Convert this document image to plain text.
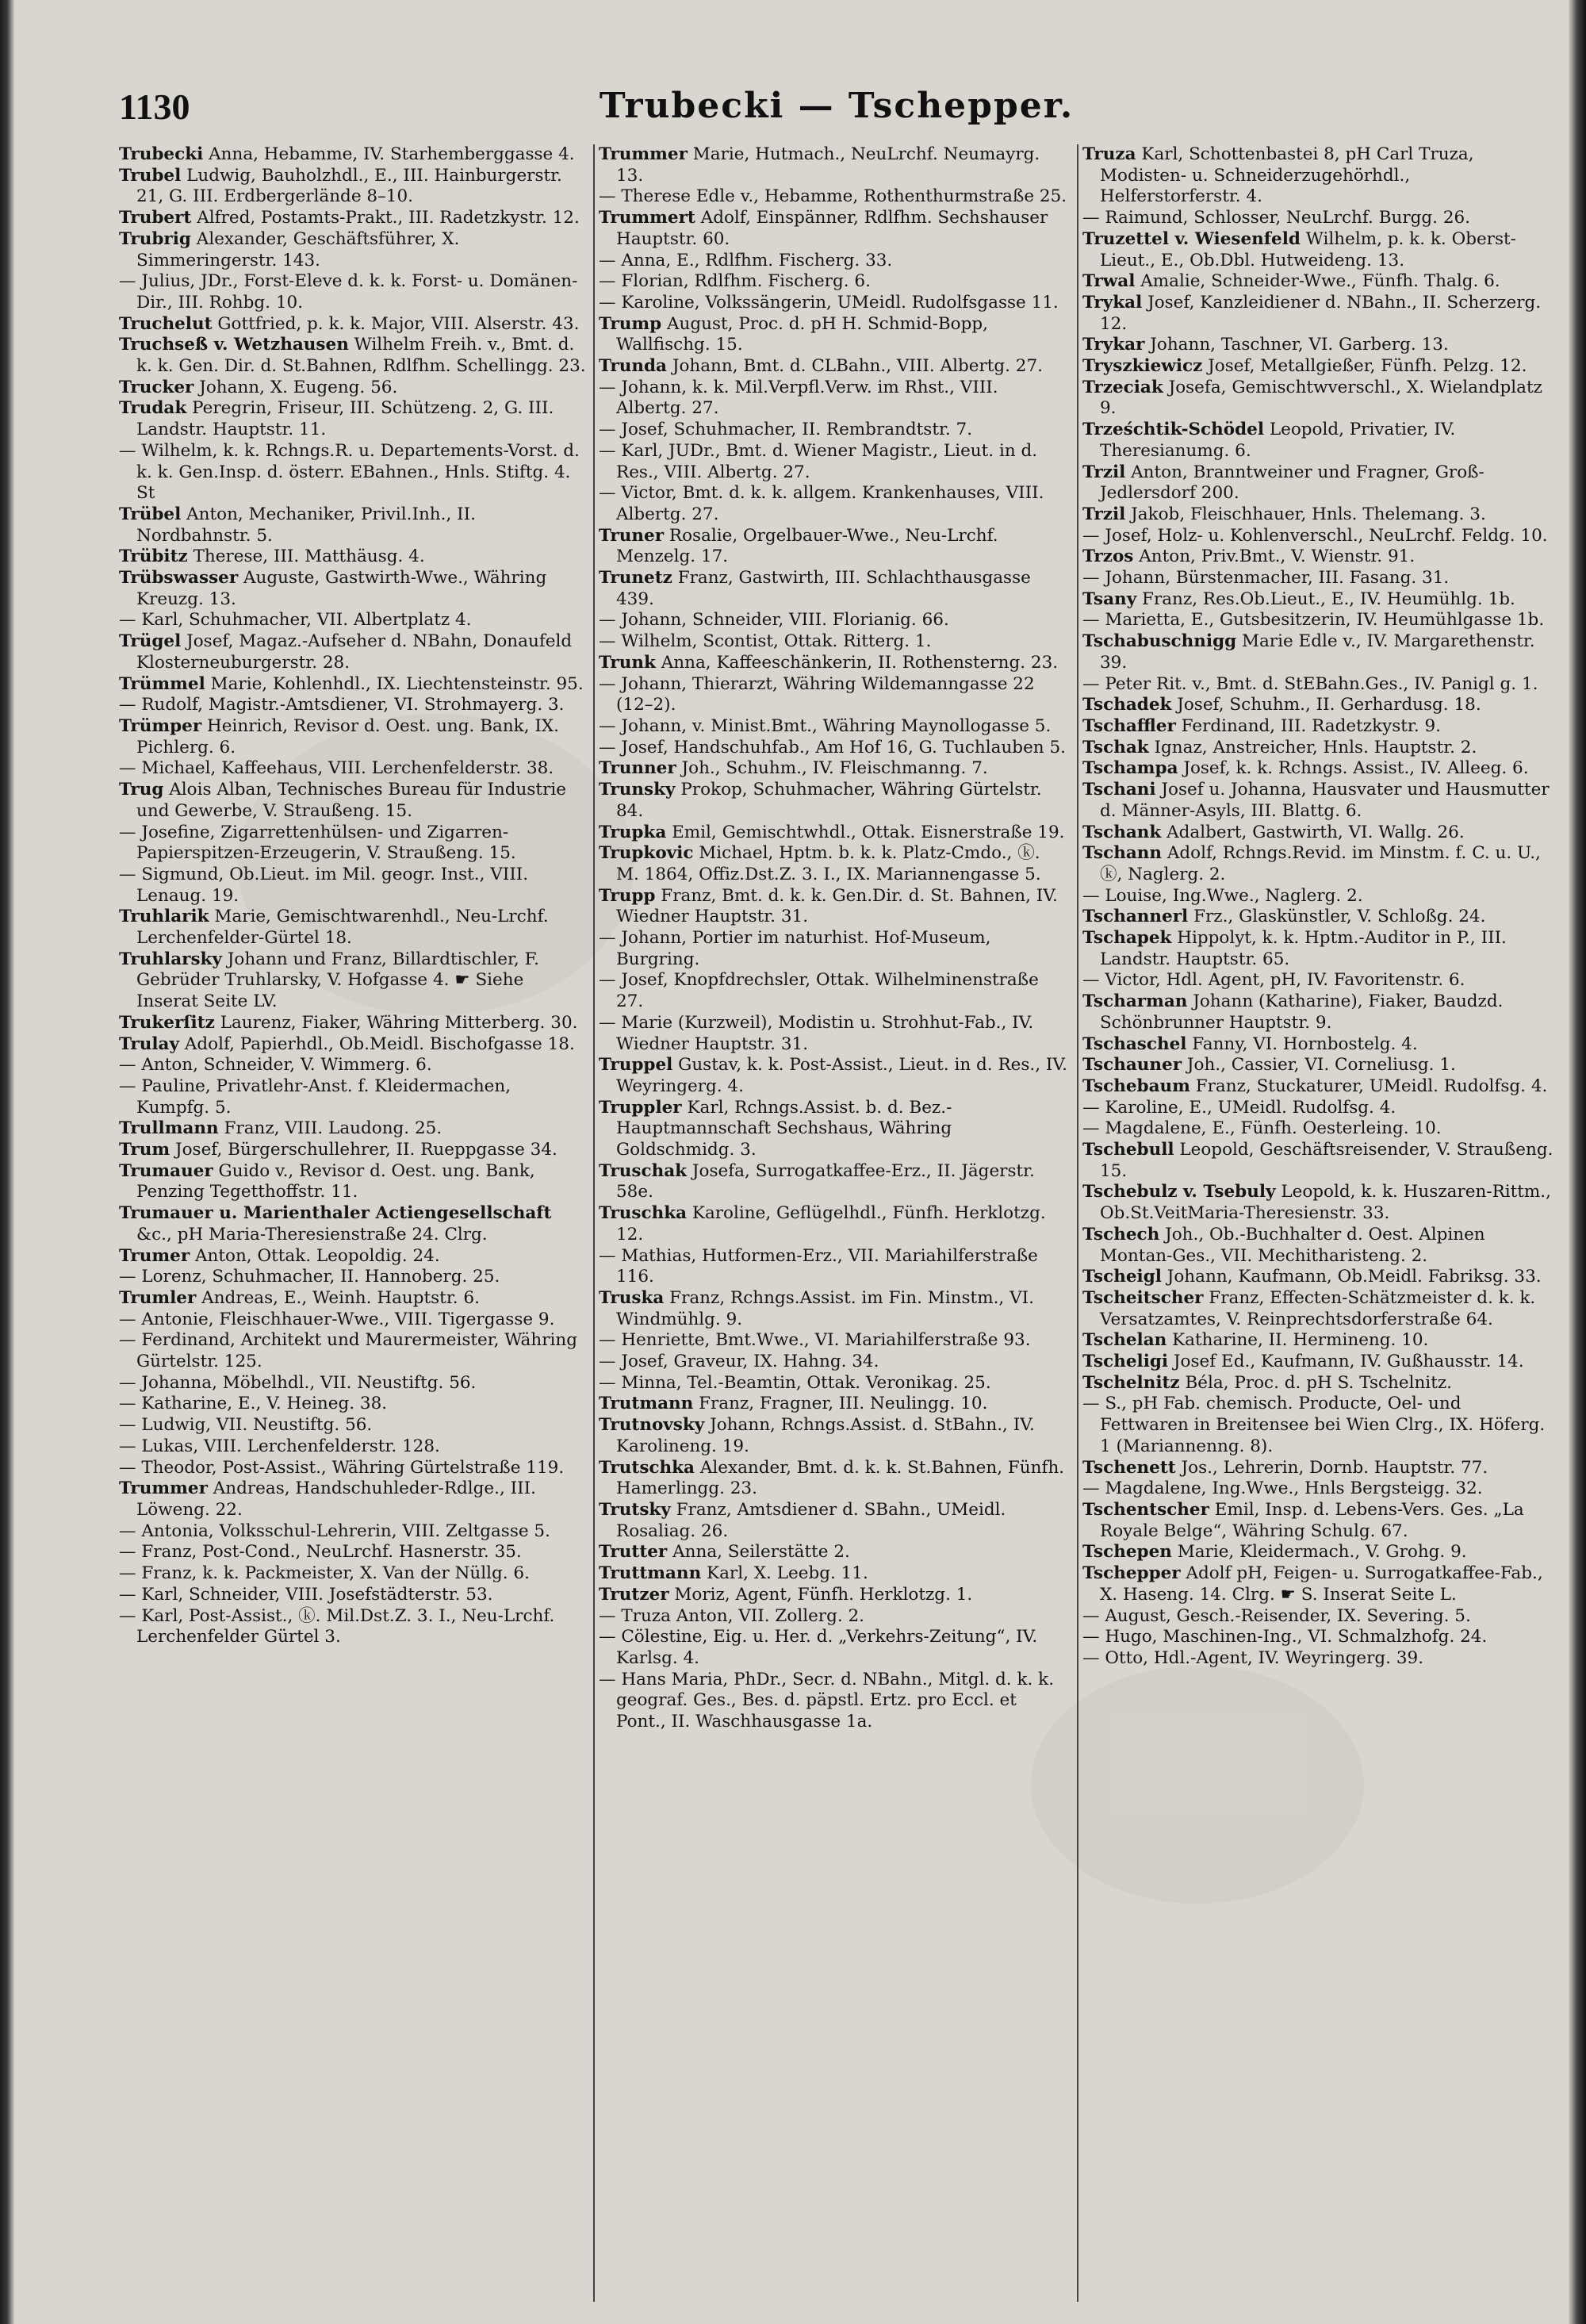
1130	Trubecki — Tschepper.

Trubecki Anna, Hebamme, IV. Starhemberggasse 4.

Trubel Ludwig, Bauholzhdl., E., III. Hainburgerstr. 21, G. III. Erdbergerlände 8–10.

Trubert Alfred, Postamts-Prakt., III. Radetzkystr. 12.

Trubrig Alexander, Geschäftsführer, X. Simmeringerstr. 143.

— Julius, JDr., Forst-Eleve d. k. k. Forst- u. Domänen-Dir., III. Rohbg. 10.

Truchelut Gottfried, p. k. k. Major, VIII. Alserstr. 43.

Truchseß v. Wetzhausen Wilhelm Freih. v., Bmt. d. k. k. Gen. Dir. d. St.Bahnen, Rdlfhm. Schellingg. 23.

Trucker Johann, X. Eugeng. 56.

Trudak Peregrin, Friseur, III. Schützeng. 2, G. III. Landstr. Hauptstr. 11.

— Wilhelm, k. k. Rchngs.R. u. Departements-Vorst. d. k. k. Gen.Insp. d. österr. EBahnen., Hnls. Stiftg. 4. St

Trübel Anton, Mechaniker, Privil.Inh., II. Nordbahnstr. 5.

Trübitz Therese, III. Matthäusg. 4.

Trübswasser Auguste, Gastwirth-Wwe., Währing Kreuzg. 13.

— Karl, Schuhmacher, VII. Albertplatz 4.

Trügel Josef, Magaz.-Aufseher d. NBahn, Donaufeld Klosterneuburgerstr. 28.

Trümmel Marie, Kohlenhdl., IX. Liechtensteinstr. 95.

— Rudolf, Magistr.-Amtsdiener, VI. Strohmayerg. 3.

Trümper Heinrich, Revisor d. Oest. ung. Bank, IX. Pichlerg. 6.

— Michael, Kaffeehaus, VIII. Lerchenfelderstr. 38.

Trug Alois Alban, Technisches Bureau für Industrie und Gewerbe, V. Straußeng. 15.

— Josefine, Zigarrettenhülsen- und Zigarren-Papierspitzen-Erzeugerin, V. Straußeng. 15.

— Sigmund, Ob.Lieut. im Mil. geogr. Inst., VIII. Lenaug. 19.

Truhlarik Marie, Gemischtwarenhdl., Neu-Lrchf. Lerchenfelder-Gürtel 18.

Truhlarsky Johann und Franz, Billardtischler, F. Gebrüder Truhlarsky, V. Hofgasse 4. ☛ Siehe Inserat Seite LV.

Trukerſitz Laurenz, Fiaker, Währing Mitterberg. 30.

Trulay Adolf, Papierhdl., Ob.Meidl. Bischofgasse 18.

— Anton, Schneider, V. Wimmerg. 6.

— Pauline, Privatlehr-Anst. f. Kleidermachen, Kumpfg. 5.

Trullmann Franz, VIII. Laudong. 25.

Trum Josef, Bürgerschullehrer, II. Rueppgasse 34.

Trumauer Guido v., Revisor d. Oest. ung. Bank, Penzing Tegetthoffstr. 11.

Trumauer u. Marienthaler Actiengesellschaft &c., pH Maria-Theresienstraße 24. Clrg.

Trumer Anton, Ottak. Leopoldig. 24.

— Lorenz, Schuhmacher, II. Hannoberg. 25.

Trumler Andreas, E., Weinh. Hauptstr. 6.

— Antonie, Fleischhauer-Wwe., VIII. Tigergasse 9.

— Ferdinand, Architekt und Maurermeister, Währing Gürtelstr. 125.

— Johanna, Möbelhdl., VII. Neustiftg. 56.

— Katharine, E., V. Heineg. 38.

— Ludwig, VII. Neustiftg. 56.

— Lukas, VIII. Lerchenfelderstr. 128.

— Theodor, Post-Assist., Währing Gürtelstraße 119.

Trummer Andreas, Handschuhleder-Rdlge., III. Löweng. 22.

— Antonia, Volksschul-Lehrerin, VIII. Zeltgasse 5.

— Franz, Post-Cond., NeuLrchf. Hasnerstr. 35.

— Franz, k. k. Packmeister, X. Van der Nüllg. 6.

— Karl, Schneider, VIII. Josefstädterstr. 53.

— Karl, Post-Assist., ⓚ. Mil.Dst.Z. 3. I., Neu-Lrchf. Lerchenfelder Gürtel 3.

Trummer Marie, Hutmach., NeuLrchf. Neumayrg. 13.

— Therese Edle v., Hebamme, Rothenthurmstraße 25.

Trummert Adolf, Einspänner, Rdlfhm. Sechshauser Hauptstr. 60.

— Anna, E., Rdlfhm. Fischerg. 33.

— Florian, Rdlfhm. Fischerg. 6.

— Karoline, Volkssängerin, UMeidl. Rudolfsgasse 11.

Trump August, Proc. d. pH H. Schmid-Bopp, Wallfischg. 15.

Trunda Johann, Bmt. d. CLBahn., VIII. Albertg. 27.

— Johann, k. k. Mil.Verpfl.Verw. im Rhst., VIII. Albertg. 27.

— Josef, Schuhmacher, II. Rembrandtstr. 7.

— Karl, JUDr., Bmt. d. Wiener Magistr., Lieut. in d. Res., VIII. Albertg. 27.

— Victor, Bmt. d. k. k. allgem. Krankenhauses, VIII. Albertg. 27.

Truner Rosalie, Orgelbauer-Wwe., Neu-Lrchf. Menzelg. 17.

Trunetz Franz, Gastwirth, III. Schlachthausgasse 439.

— Johann, Schneider, VIII. Florianig. 66.

— Wilhelm, Scontist, Ottak. Ritterg. 1.

Trunk Anna, Kaffeeschänkerin, II. Rothensterng. 23.

— Johann, Thierarzt, Währing Wildemanngasse 22 (12–2).

— Johann, v. Minist.Bmt., Währing Maynollogasse 5.

— Josef, Handschuhfab., Am Hof 16, G. Tuchlauben 5.

Trunner Joh., Schuhm., IV. Fleischmanng. 7.

Trunsky Prokop, Schuhmacher, Währing Gürtelstr. 84.

Trupka Emil, Gemischtwhdl., Ottak. Eisnerstraße 19.

Trupkovic Michael, Hptm. b. k. k. Platz-Cmdo., ⓚ. M. 1864, Offiz.Dst.Z. 3. I., IX. Mariannengasse 5.

Trupp Franz, Bmt. d. k. k. Gen.Dir. d. St. Bahnen, IV. Wiedner Hauptstr. 31.

— Johann, Portier im naturhist. Hof-Museum, Burgring.

— Josef, Knopfdrechsler, Ottak. Wilhelminenstraße 27.

— Marie (Kurzweil), Modistin u. Strohhut-Fab., IV. Wiedner Hauptstr. 31.

Truppel Gustav, k. k. Post-Assist., Lieut. in d. Res., IV. Weyringerg. 4.

Truppler Karl, Rchngs.Assist. b. d. Bez.-Hauptmannschaft Sechshaus, Währing Goldschmidg. 3.

Truschak Josefa, Surrogatkaffee-Erz., II. Jägerstr. 58e.

Truschka Karoline, Geflügelhdl., Fünfh. Herklotzg. 12.

— Mathias, Hutformen-Erz., VII. Mariahilferstraße 116.

Truska Franz, Rchngs.Assist. im Fin. Minstm., VI. Windmühlg. 9.

— Henriette, Bmt.Wwe., VI. Mariahilferstraße 93.

— Josef, Graveur, IX. Hahng. 34.

— Minna, Tel.-Beamtin, Ottak. Veronikag. 25.

Trutmann Franz, Fragner, III. Neulingg. 10.

Trutnovsky Johann, Rchngs.Assist. d. StBahn., IV. Karolineng. 19.

Trutschka Alexander, Bmt. d. k. k. St.Bahnen, Fünfh. Hamerlingg. 23.

Trutsky Franz, Amtsdiener d. SBahn., UMeidl. Rosaliag. 26.

Trutter Anna, Seilerstätte 2.

Truttmann Karl, X. Leebg. 11.

Trutzer Moriz, Agent, Fünfh. Herklotzg. 1.

— Truza Anton, VII. Zollerg. 2.

— Cölestine, Eig. u. Her. d. „Verkehrs-Zeitung“, IV. Karlsg. 4.

— Hans Maria, PhDr., Secr. d. NBahn., Mitgl. d. k. k. geograf. Ges., Bes. d. päpstl. Ertz. pro Eccl. et Pont., II. Waschhausgasse 1a.

Truza Karl, Schottenbastei 8, pH Carl Truza, Modisten- u. Schneiderzugehörhdl., Helferstorferstr. 4.

— Raimund, Schlosser, NeuLrchf. Burgg. 26.

Truzettel v. Wiesenfeld Wilhelm, p. k. k. Oberst-Lieut., E., Ob.Dbl. Hutweideng. 13.

Trwal Amalie, Schneider-Wwe., Fünfh. Thalg. 6.

Trykal Josef, Kanzleidiener d. NBahn., II. Scherzerg. 12.

Trykar Johann, Taschner, VI. Garberg. 13.

Tryszkiewicz Josef, Metallgießer, Fünfh. Pelzg. 12.

Trzeciak Josefa, Gemischtwverschl., X. Wielandplatz 9.

Trześchtik-Schödel Leopold, Privatier, IV. Theresianumg. 6.

Trzil Anton, Branntweiner und Fragner, Groß-Jedlersdorf 200.

Trzil Jakob, Fleischhauer, Hnls. Thelemang. 3.

— Josef, Holz- u. Kohlenverschl., NeuLrchf. Feldg. 10.

Trzos Anton, Priv.Bmt., V. Wienstr. 91.

— Johann, Bürstenmacher, III. Fasang. 31.

Tsany Franz, Res.Ob.Lieut., E., IV. Heumühlg. 1b.

— Marietta, E., Gutsbesitzerin, IV. Heumühlgasse 1b.

Tschabuschnigg Marie Edle v., IV. Margarethenstr. 39.

— Peter Rit. v., Bmt. d. StEBahn.Ges., IV. Panigl g. 1.

Tschadek Josef, Schuhm., II. Gerhardusg. 18.

Tschaffler Ferdinand, III. Radetzkystr. 9.

Tschak Ignaz, Anstreicher, Hnls. Hauptstr. 2.

Tschampa Josef, k. k. Rchngs. Assist., IV. Alleeg. 6.

Tschani Josef u. Johanna, Hausvater und Hausmutter d. Männer-Asyls, III. Blattg. 6.

Tschank Adalbert, Gastwirth, VI. Wallg. 26.

Tschann Adolf, Rchngs.Revid. im Minstm. f. C. u. U., ⓚ, Naglerg. 2.

— Louise, Ing.Wwe., Naglerg. 2.

Tschannerl Frz., Glaskünstler, V. Schloßg. 24.

Tschapek Hippolyt, k. k. Hptm.-Auditor in P., III. Landstr. Hauptstr. 65.

— Victor, Hdl. Agent, pH, IV. Favoritenstr. 6.

Tscharman Johann (Katharine), Fiaker, Baudzd. Schönbrunner Hauptstr. 9.

Tschaschel Fanny, VI. Hornbostelg. 4.

Tschauner Joh., Cassier, VI. Corneliusg. 1.

Tschebaum Franz, Stuckaturer, UMeidl. Rudolfsg. 4.

— Karoline, E., UMeidl. Rudolfsg. 4.

— Magdalene, E., Fünfh. Oesterleing. 10.

Tschebull Leopold, Geschäftsreisender, V. Straußeng. 15.

Tschebulz v. Tsebuly Leopold, k. k. Huszaren-Rittm., Ob.St.VeitMaria-Theresienstr. 33.

Tschech Joh., Ob.-Buchhalter d. Oest. Alpinen Montan-Ges., VII. Mechitharisteng. 2.

Tscheigl Johann, Kaufmann, Ob.Meidl. Fabriksg. 33.

Tscheitscher Franz, Effecten-Schätzmeister d. k. k. Versatzamtes, V. Reinprechtsdorferstraße 64.

Tschelan Katharine, II. Hermineng. 10.

Tscheligi Josef Ed., Kaufmann, IV. Gußhausstr. 14.

Tschelnitz Béla, Proc. d. pH S. Tschelnitz.

— S., pH Fab. chemisch. Producte, Oel- und Fettwaren in Breitensee bei Wien Clrg., IX. Höferg. 1 (Mariannenng. 8).

Tschenett Jos., Lehrerin, Dornb. Hauptstr. 77.

— Magdalene, Ing.Wwe., Hnls Bergsteigg. 32.

Tschentscher Emil, Insp. d. Lebens-Vers. Ges. „La Royale Belge“, Währing Schulg. 67.

Tschepen Marie, Kleidermach., V. Grohg. 9.

Tschepper Adolf pH, Feigen- u. Surrogatkaffee-Fab., X. Haseng. 14. Clrg. ☛ S. Inserat Seite L.

— August, Gesch.-Reisender, IX. Severing. 5.

— Hugo, Maschinen-Ing., VI. Schmalzhofg. 24.

— Otto, Hdl.-Agent, IV. Weyringerg. 39.
